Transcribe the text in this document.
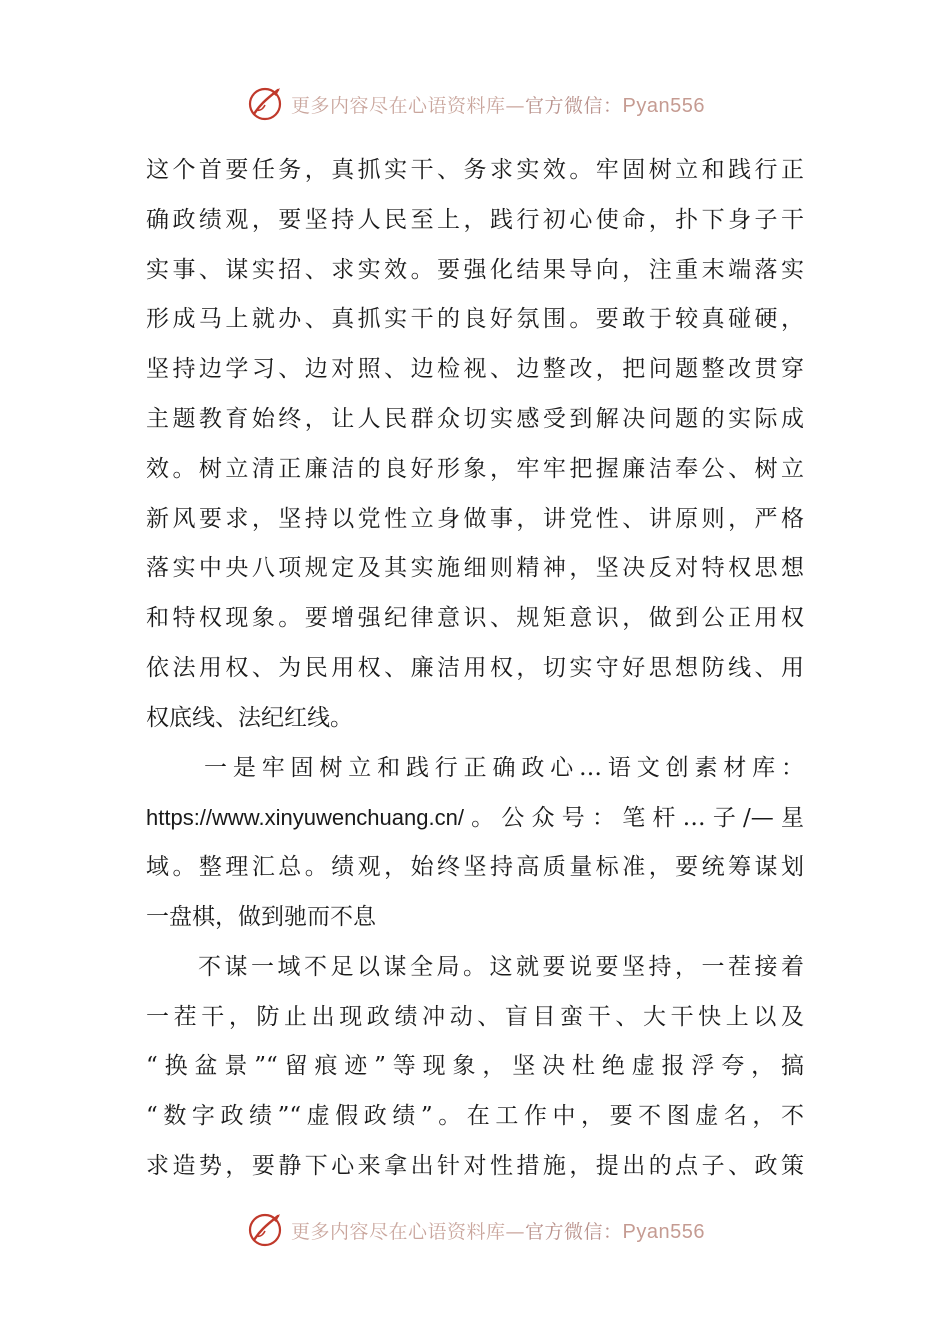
更多内容尽在心语资料库—官方微信：Pyan556
这个首要任务，真抓实干、务求实效。牢固树立和践行正
确政绩观，要坚持人民至上，践行初心使命，扑下身子干
实事、谋实招、求实效。要强化结果导向，注重末端落实
形成马上就办、真抓实干的良好氛围。要敢于较真碰硬，
坚持边学习、边对照、边检视、边整改，把问题整改贯穿
主题教育始终，让人民群众切实感受到解决问题的实际成
效。树立清正廉洁的良好形象，牢牢把握廉洁奉公、树立
新风要求，坚持以党性立身做事，讲党性、讲原则，严格
落实中央八项规定及其实施细则精神，坚决反对特权思想
和特权现象。要增强纪律意识、规矩意识，做到公正用权
依法用权、为民用权、廉洁用权，切实守好思想防线、用
权底线、法纪红线。
一是牢固树立和践行正确政心…语文创素材库：
https://www.xinyuwenchuang.cn/。公众号：笔杆…子/—星
域。整理汇总。绩观，始终坚持高质量标准，要统筹谋划
一盘棋，做到驰而不息
不谋一域不足以谋全局。这就要说要坚持，一茬接着
一茬干，防止出现政绩冲动、盲目蛮干、大干快上以及
“换盆景”“留痕迹”等现象，坚决杜绝虚报浮夸，搞
“数字政绩”“虚假政绩”。在工作中，要不图虚名，不
求造势，要静下心来拿出针对性措施，提出的点子、政策
更多内容尽在心语资料库—官方微信：Pyan556
